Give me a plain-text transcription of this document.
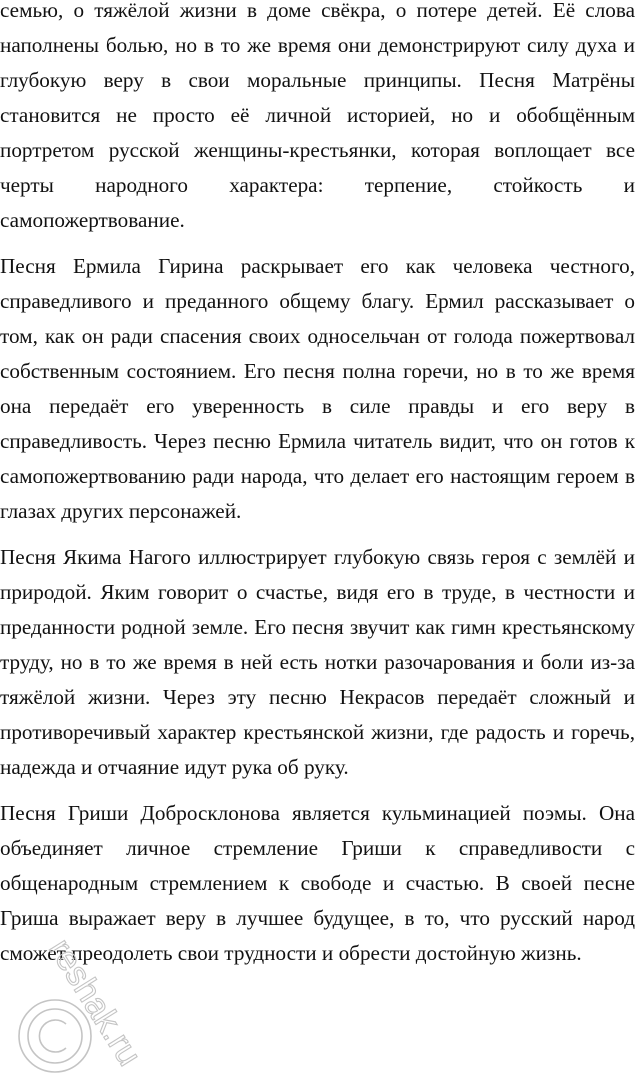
семью, о тяжёлой жизни в доме свёкра, о потере детей. Её слова наполнены болью, но в то же время они демонстрируют силу духа и глубокую веру в свои моральные принципы. Песня Матрёны становится не просто её личной историей, но и обобщённым портретом русской женщины-крестьянки, которая воплощает все черты народного характера: терпение, стойкость и самопожертвование.

Песня Ермила Гирина раскрывает его как человека честного, справедливого и преданного общему благу. Ермил рассказывает о том, как он ради спасения своих односельчан от голода пожертвовал собственным состоянием. Его песня полна горечи, но в то же время она передаёт его уверенность в силе правды и его веру в справедливость. Через песню Ермила читатель видит, что он готов к самопожертвованию ради народа, что делает его настоящим героем в глазах других персонажей.

Песня Якима Нагого иллюстрирует глубокую связь героя с землёй и природой. Яким говорит о счастье, видя его в труде, в честности и преданности родной земле. Его песня звучит как гимн крестьянскому труду, но в то же время в ней есть нотки разочарования и боли из-за тяжёлой жизни. Через эту песню Некрасов передаёт сложный и противоречивый характер крестьянской жизни, где радость и горечь, надежда и отчаяние идут рука об руку.

Песня Гриши Добросклонова является кульминацией поэмы. Она объединяет личное стремление Гриши к справедливости с общенародным стремлением к свободе и счастью. В своей песне Гриша выражает веру в лучшее будущее, в то, что русский народ сможет преодолеть свои трудности и обрести достойную жизнь.

reshak.ru
